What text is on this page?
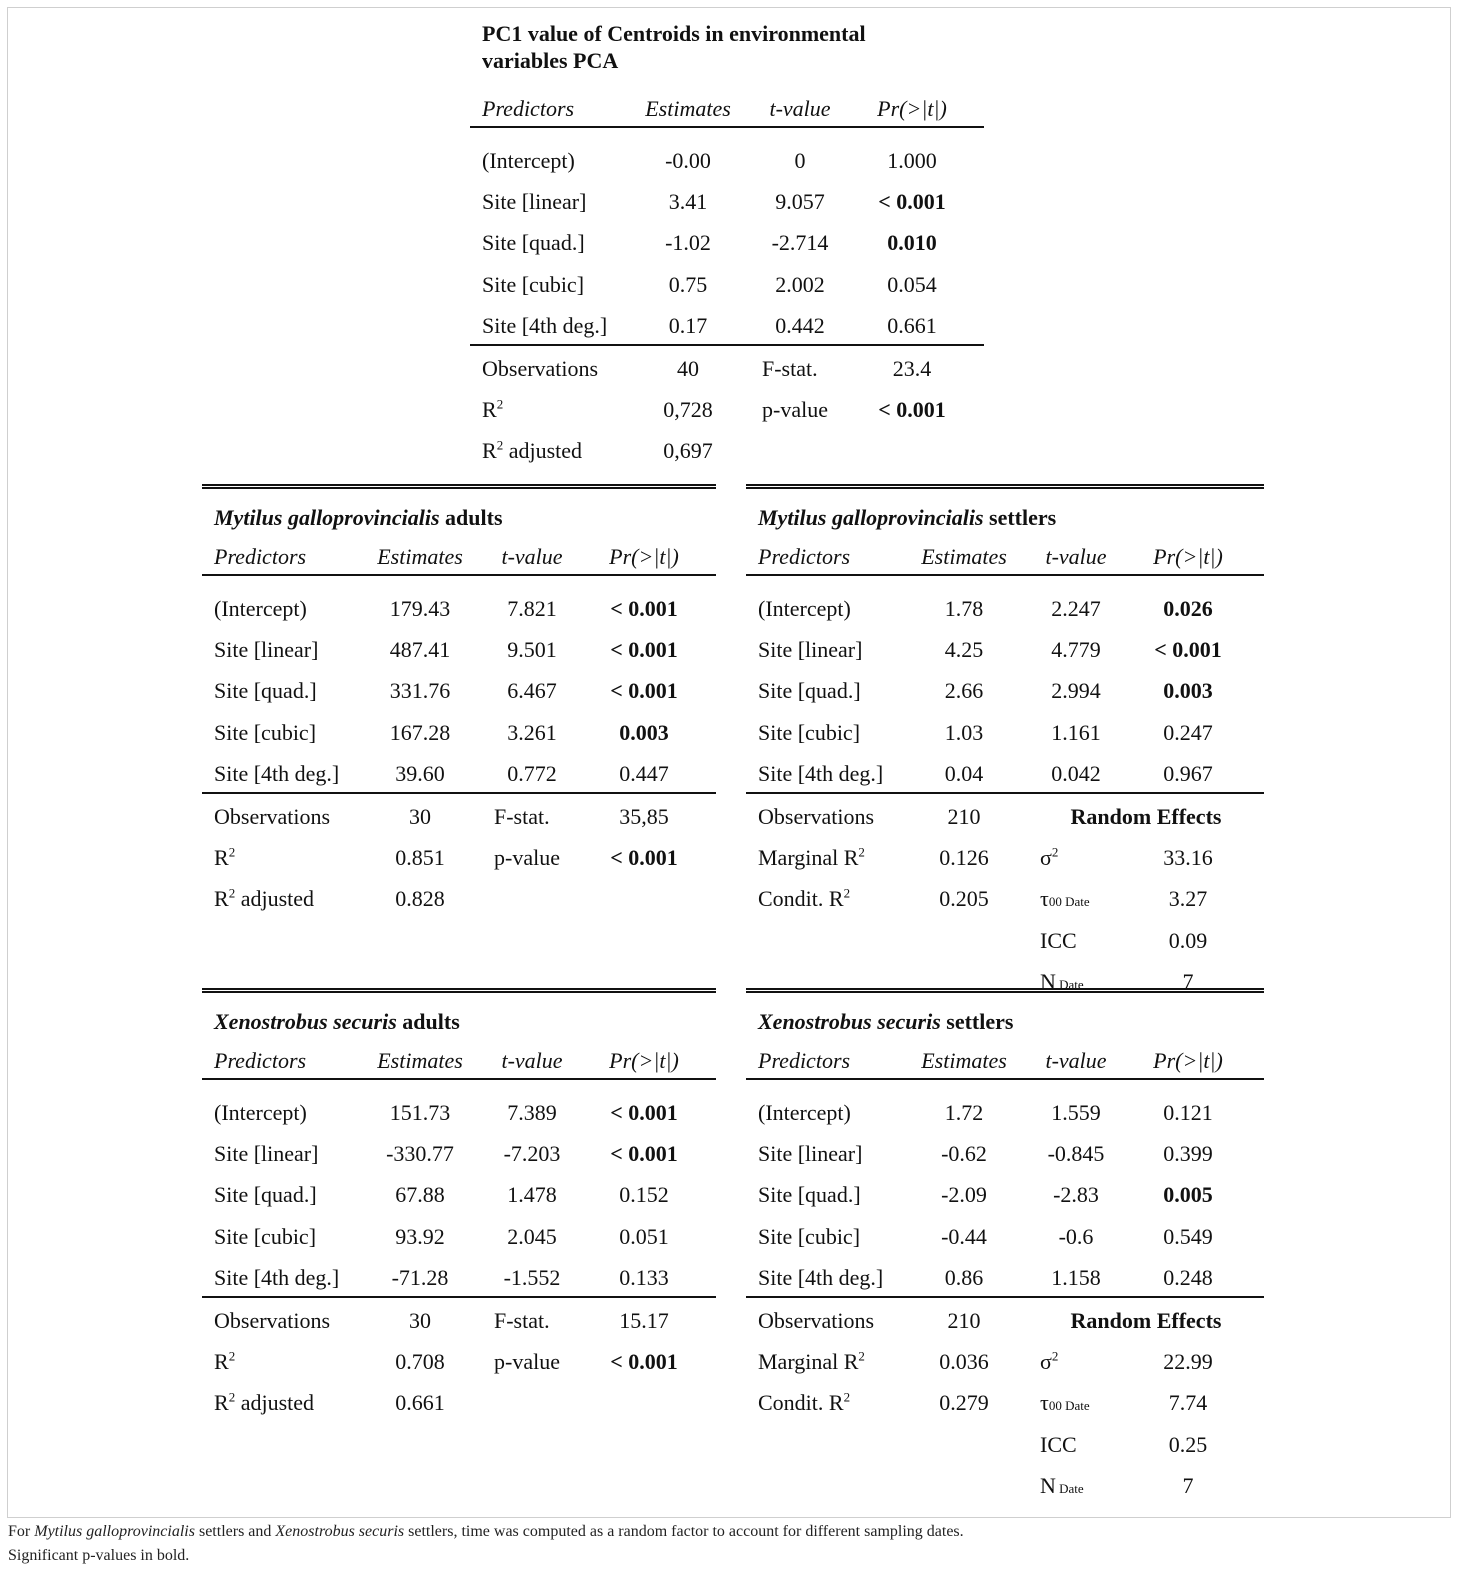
PC1 value of Centroids in environmental variables PCA
Predictors	Estimates	t-value	Pr(>|t|)
(Intercept)	-0.00	0	1.000
Site [linear]	3.41	9.057	< 0.001
Site [quad.]	-1.02	-2.714	0.010
Site [cubic]	0.75	2.002	0.054
Site [4th deg.]	0.17	0.442	0.661
Observations	40	F-stat.	23.4
$R^2$	0,728	p-value	< 0.001
$R^2$ adjusted	0,697
Mytilus galloprovincialis adults
Predictors	Estimates	t-value	Pr(>|t|)
(Intercept)	179.43	7.821	< 0.001
Site [linear]	487.41	9.501	< 0.001
Site [quad.]	331.76	6.467	< 0.001
Site [cubic]	167.28	3.261	0.003
Site [4th deg.]	39.60	0.772	0.447
Observations	30	F-stat.	35,85
$R^2$	0.851	p-value	< 0.001
$R^2$ adjusted	0.828
Mytilus galloprovincialis settlers
Predictors	Estimates	t-value	Pr(>|t|)
(Intercept)	1.78	2.247	0.026
Site [linear]	4.25	4.779	< 0.001
Site [quad.]	2.66	2.994	0.003
Site [cubic]	1.03	1.161	0.247
Site [4th deg.]	0.04	0.042	0.967
Observations	210	Random Effects
Marginal $R^2$	0.126	$\sigma^2$	33.16
Condit. $R^2$	0.205	τ00 Date	3.27
ICC	0.09
N Date	7
Xenostrobus securis adults
Predictors	Estimates	t-value	Pr(>|t|)
(Intercept)	151.73	7.389	< 0.001
Site [linear]	-330.77	-7.203	< 0.001
Site [quad.]	67.88	1.478	0.152
Site [cubic]	93.92	2.045	0.051
Site [4th deg.]	-71.28	-1.552	0.133
Observations	30	F-stat.	15.17
$R^2$	0.708	p-value	< 0.001
$R^2$ adjusted	0.661
Xenostrobus securis settlers
Predictors	Estimates	t-value	Pr(>|t|)
(Intercept)	1.72	1.559	0.121
Site [linear]	-0.62	-0.845	0.399
Site [quad.]	-2.09	-2.83	0.005
Site [cubic]	-0.44	-0.6	0.549
Site [4th deg.]	0.86	1.158	0.248
Observations	210	Random Effects
Marginal $R^2$	0.036	$\sigma^2$	22.99
Condit. $R^2$	0.279	τ00 Date	7.74
ICC	0.25
N Date	7
For Mytilus galloprovincialis settlers and Xenostrobus securis settlers, time was computed as a random factor to account for different sampling dates.
Significant p-values in bold.
